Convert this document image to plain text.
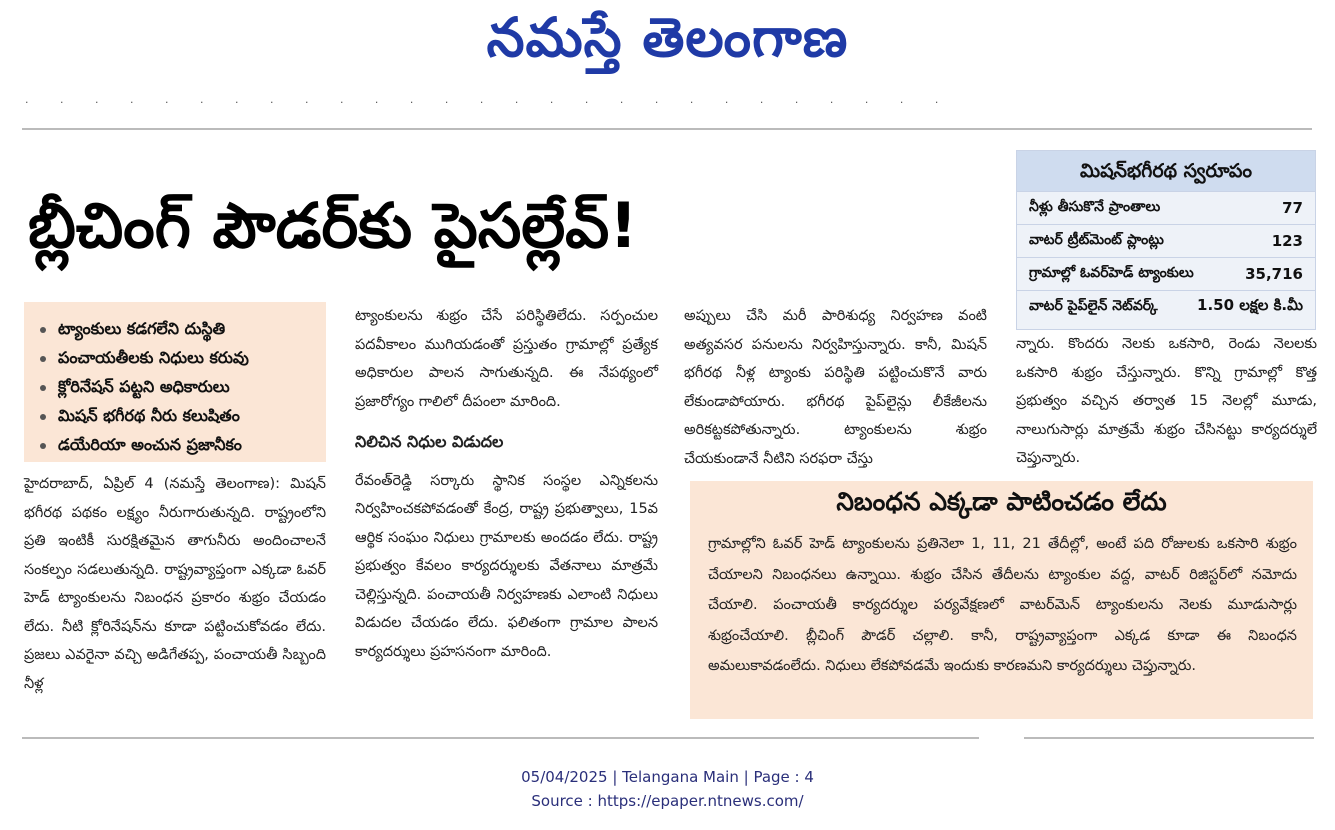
నమస్తే తెలంగాణ
· · · · · · · · · · · · · · · · · · · · · · · · · · ·
బ్లీచింగ్ పౌడర్‌కు పైసల్లేవ్!
మిషన్‌భగీరథ స్వరూపం
నీళ్లు తీసుకొనే ప్రాంతాలు	77
వాటర్ ట్రీట్‌మెంట్ ప్లాంట్లు	123
గ్రామాల్లో ఓవర్‌హెడ్ ట్యాంకులు	35,716
వాటర్ పైప్‌లైన్ నెట్‌వర్క్	1.50 లక్షల కి.మీ
ట్యాంకులు కడగలేని దుస్థితి
పంచాయతీలకు నిధులు కరువు
క్లోరినేషన్ పట్టని అధికారులు
మిషన్ భగీరథ నీరు కలుషితం
డయేరియా అంచున ప్రజానీకం

హైదరాబాద్, ఏప్రిల్ 4 (నమస్తే తెలంగాణ): మిషన్ భగీరథ పథకం లక్ష్యం నీరుగారుతున్నది. రాష్ట్రంలోని ప్రతి ఇంటికీ సురక్షితమైన తాగునీరు అందించాలనే సంకల్పం సడలుతున్నది. రాష్ట్రవ్యాప్తంగా ఎక్కడా ఓవర్ హెడ్ ట్యాంకులను నిబంధన ప్రకారం శుభ్రం చేయడం లేదు. నీటి క్లోరినేషన్‌ను కూడా పట్టించుకోవడం లేదు. ప్రజలు ఎవరైనా వచ్చి అడిగేతప్ప, పంచాయతీ సిబ్బంది నీళ్ల

ట్యాంకులను శుభ్రం చేసే పరిస్థితిలేదు. సర్పంచుల పదవీకాలం ముగియడంతో ప్రస్తుతం గ్రామాల్లో ప్రత్యేక అధికారుల పాలన సాగుతున్నది. ఈ నేపథ్యంలో ప్రజారోగ్యం గాలిలో దీపంలా మారింది.

నిలిచిన నిధుల విడుదల

రేవంత్‌రెడ్డి సర్కారు స్థానిక సంస్థల ఎన్నికలను నిర్వహించకపోవడంతో కేంద్ర, రాష్ట్ర ప్రభుత్వాలు, 15వ ఆర్థిక సంఘం నిధులు గ్రామాలకు అందడం లేదు. రాష్ట్ర ప్రభుత్వం కేవలం కార్యదర్శులకు వేతనాలు మాత్రమే చెల్లిస్తున్నది. పంచాయతీ నిర్వహణకు ఎలాంటి నిధులు విడుదల చేయడం లేదు. ఫలితంగా గ్రామాల పాలన కార్యదర్శులు ప్రహసనంగా మారింది.

అప్పులు చేసి మరీ పారిశుధ్య నిర్వహణ వంటి అత్యవసర పనులను నిర్వహిస్తున్నారు. కానీ, మిషన్ భగీరథ నీళ్ల ట్యాంకు పరిస్థితి పట్టించుకొనే వారు లేకుండాపోయారు. భగీరథ పైప్‌లైన్లు లీకేజీలను అరికట్టకపోతున్నారు. ట్యాంకులను శుభ్రం చేయకుండానే నీటిని సరఫరా చేస్తు

న్నారు. కొందరు నెలకు ఒకసారి, రెండు నెలలకు ఒకసారి శుభ్రం చేస్తున్నారు. కొన్ని గ్రామాల్లో కొత్త ప్రభుత్వం వచ్చిన తర్వాత 15 నెలల్లో మూడు, నాలుగుసార్లు మాత్రమే శుభ్రం చేసినట్టు కార్యదర్శులే చెప్తున్నారు.

నిబంధన ఎక్కడా పాటించడం లేదు
గ్రామాల్లోని ఓవర్ హెడ్ ట్యాంకులను ప్రతినెలా 1, 11, 21 తేదీల్లో, అంటే పది రోజులకు ఒకసారి శుభ్రం చేయాలని నిబంధనలు ఉన్నాయి. శుభ్రం చేసిన తేదీలను ట్యాంకుల వద్ద, వాటర్ రిజిస్టర్‌లో నమోదు చేయాలి. పంచాయతీ కార్యదర్శుల పర్యవేక్షణలో వాటర్‌మెన్ ట్యాంకులను నెలకు మూడుసార్లు శుభ్రంచేయాలి. బ్లీచింగ్ పౌడర్ చల్లాలి. కానీ, రాష్ట్రవ్యాప్తంగా ఎక్కడ కూడా ఈ నిబంధన అమలుకావడంలేదు. నిధులు లేకపోవడమే ఇందుకు కారణమని కార్యదర్శులు చెప్తున్నారు.
05/04/2025 | Telangana Main | Page : 4
Source : https://epaper.ntnews.com/
